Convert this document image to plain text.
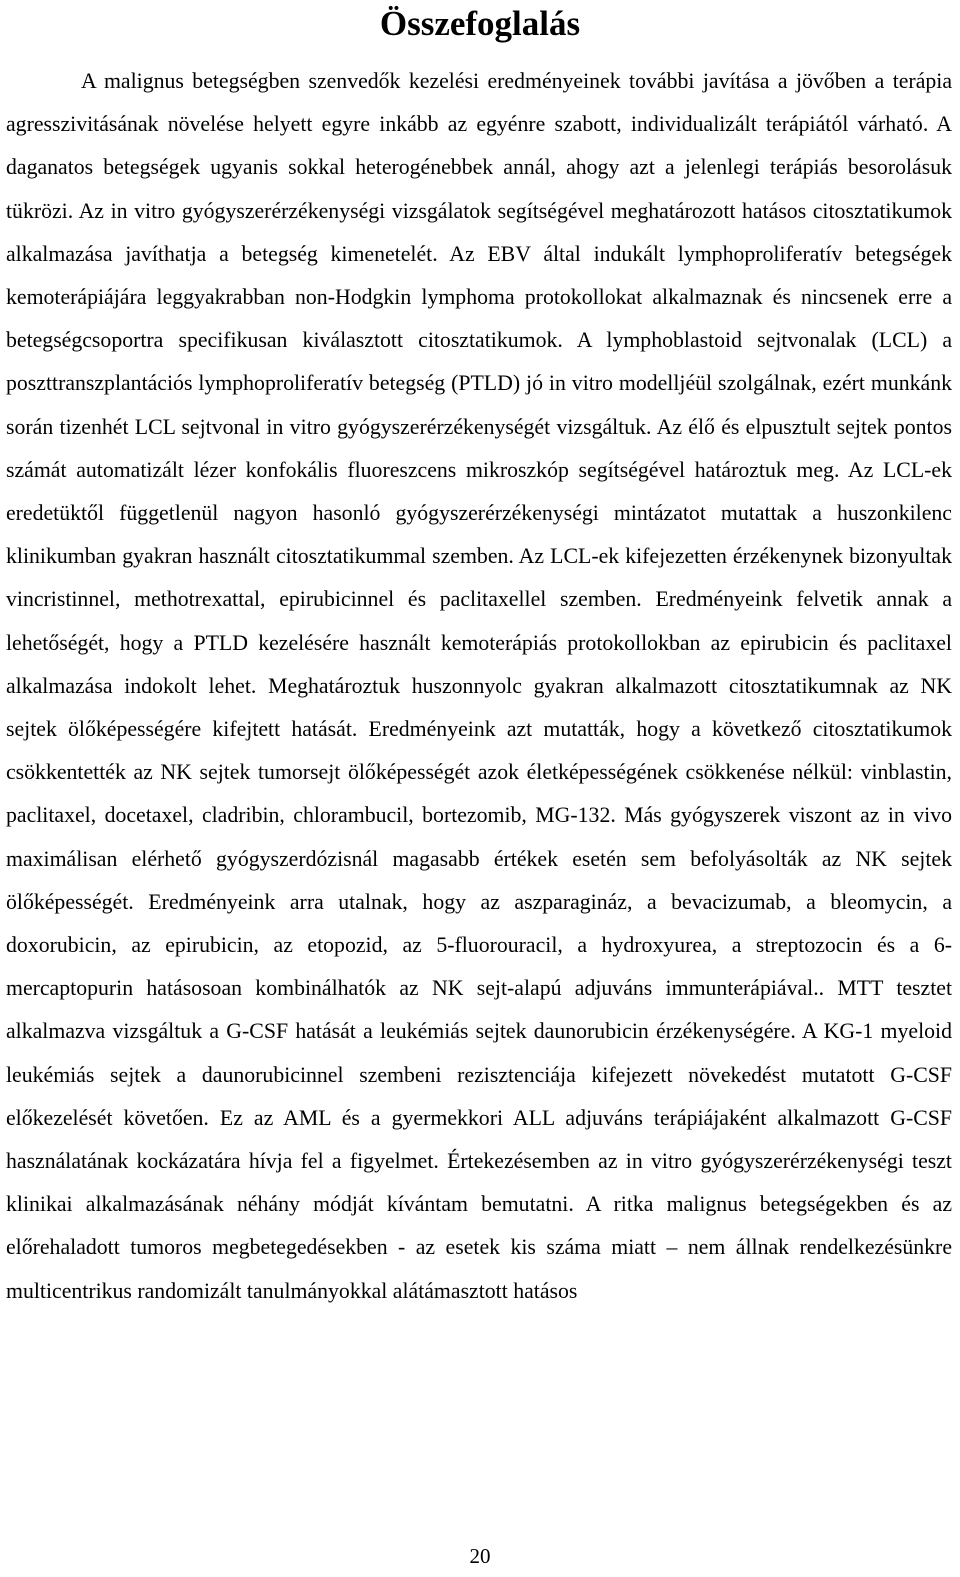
Összefoglalás

A malignus betegségben szenvedők kezelési eredményeinek további javítása a jövőben a terápia agresszivitásának növelése helyett egyre inkább az egyénre szabott, individualizált terápiától várható. A daganatos betegségek ugyanis sokkal heterogénebbek annál, ahogy azt a jelenlegi terápiás besorolásuk tükrözi. Az in vitro gyógyszerérzékenységi vizsgálatok segítségével meghatározott hatásos citosztatikumok alkalmazása javíthatja a betegség kimenetelét. Az EBV által indukált lymphoproliferatív betegségek kemoterápiájára leggyakrabban non-Hodgkin lymphoma protokollokat alkalmaznak és nincsenek erre a betegségcsoportra specifikusan kiválasztott citosztatikumok. A lymphoblastoid sejtvonalak (LCL) a poszttranszplantációs lymphoproliferatív betegség (PTLD) jó in vitro modelljéül szolgálnak, ezért munkánk során tizenhét LCL sejtvonal in vitro gyógyszerérzékenységét vizsgáltuk. Az élő és elpusztult sejtek pontos számát automatizált lézer konfokális fluoreszcens mikroszkóp segítségével határoztuk meg. Az LCL-ek eredetüktől függetlenül nagyon hasonló gyógyszerérzékenységi mintázatot mutattak a huszonkilenc klinikumban gyakran használt citosztatikummal szemben. Az LCL-ek kifejezetten érzékenynek bizonyultak vincristinnel, methotrexattal, epirubicinnel és paclitaxellel szemben. Eredményeink felvetik annak a lehetőségét, hogy a PTLD kezelésére használt kemoterápiás protokollokban az epirubicin és paclitaxel alkalmazása indokolt lehet. Meghatároztuk huszonnyolc gyakran alkalmazott citosztatikumnak az NK sejtek ölőképességére kifejtett hatását. Eredményeink azt mutatták, hogy a következő citosztatikumok csökkentették az NK sejtek tumorsejt ölőképességét azok életképességének csökkenése nélkül: vinblastin, paclitaxel, docetaxel, cladribin, chlorambucil, bortezomib, MG-132. Más gyógyszerek viszont az in vivo maximálisan elérhető gyógyszerdózisnál magasabb értékek esetén sem befolyásolták az NK sejtek ölőképességét. Eredményeink arra utalnak, hogy az aszparagináz, a bevacizumab, a bleomycin, a doxorubicin, az epirubicin, az etopozid, az 5-fluorouracil, a hydroxyurea, a streptozocin és a 6-mercaptopurin hatásosoan kombinálhatók az NK sejt-alapú adjuváns immunterápiával.. MTT tesztet alkalmazva vizsgáltuk a G-CSF hatását a leukémiás sejtek daunorubicin érzékenységére. A KG-1 myeloid leukémiás sejtek a daunorubicinnel szembeni rezisztenciája kifejezett növekedést mutatott G-CSF előkezelését követően. Ez az AML és a gyermekkori ALL adjuváns terápiájaként alkalmazott G-CSF használatának kockázatára hívja fel a figyelmet. Értekezésemben az in vitro gyógyszerérzékenységi teszt klinikai alkalmazásának néhány módját kívántam bemutatni. A ritka malignus betegségekben és az előrehaladott tumoros megbetegedésekben - az esetek kis száma miatt – nem állnak rendelkezésünkre multicentrikus randomizált tanulmányokkal alátámasztott hatásos

20
